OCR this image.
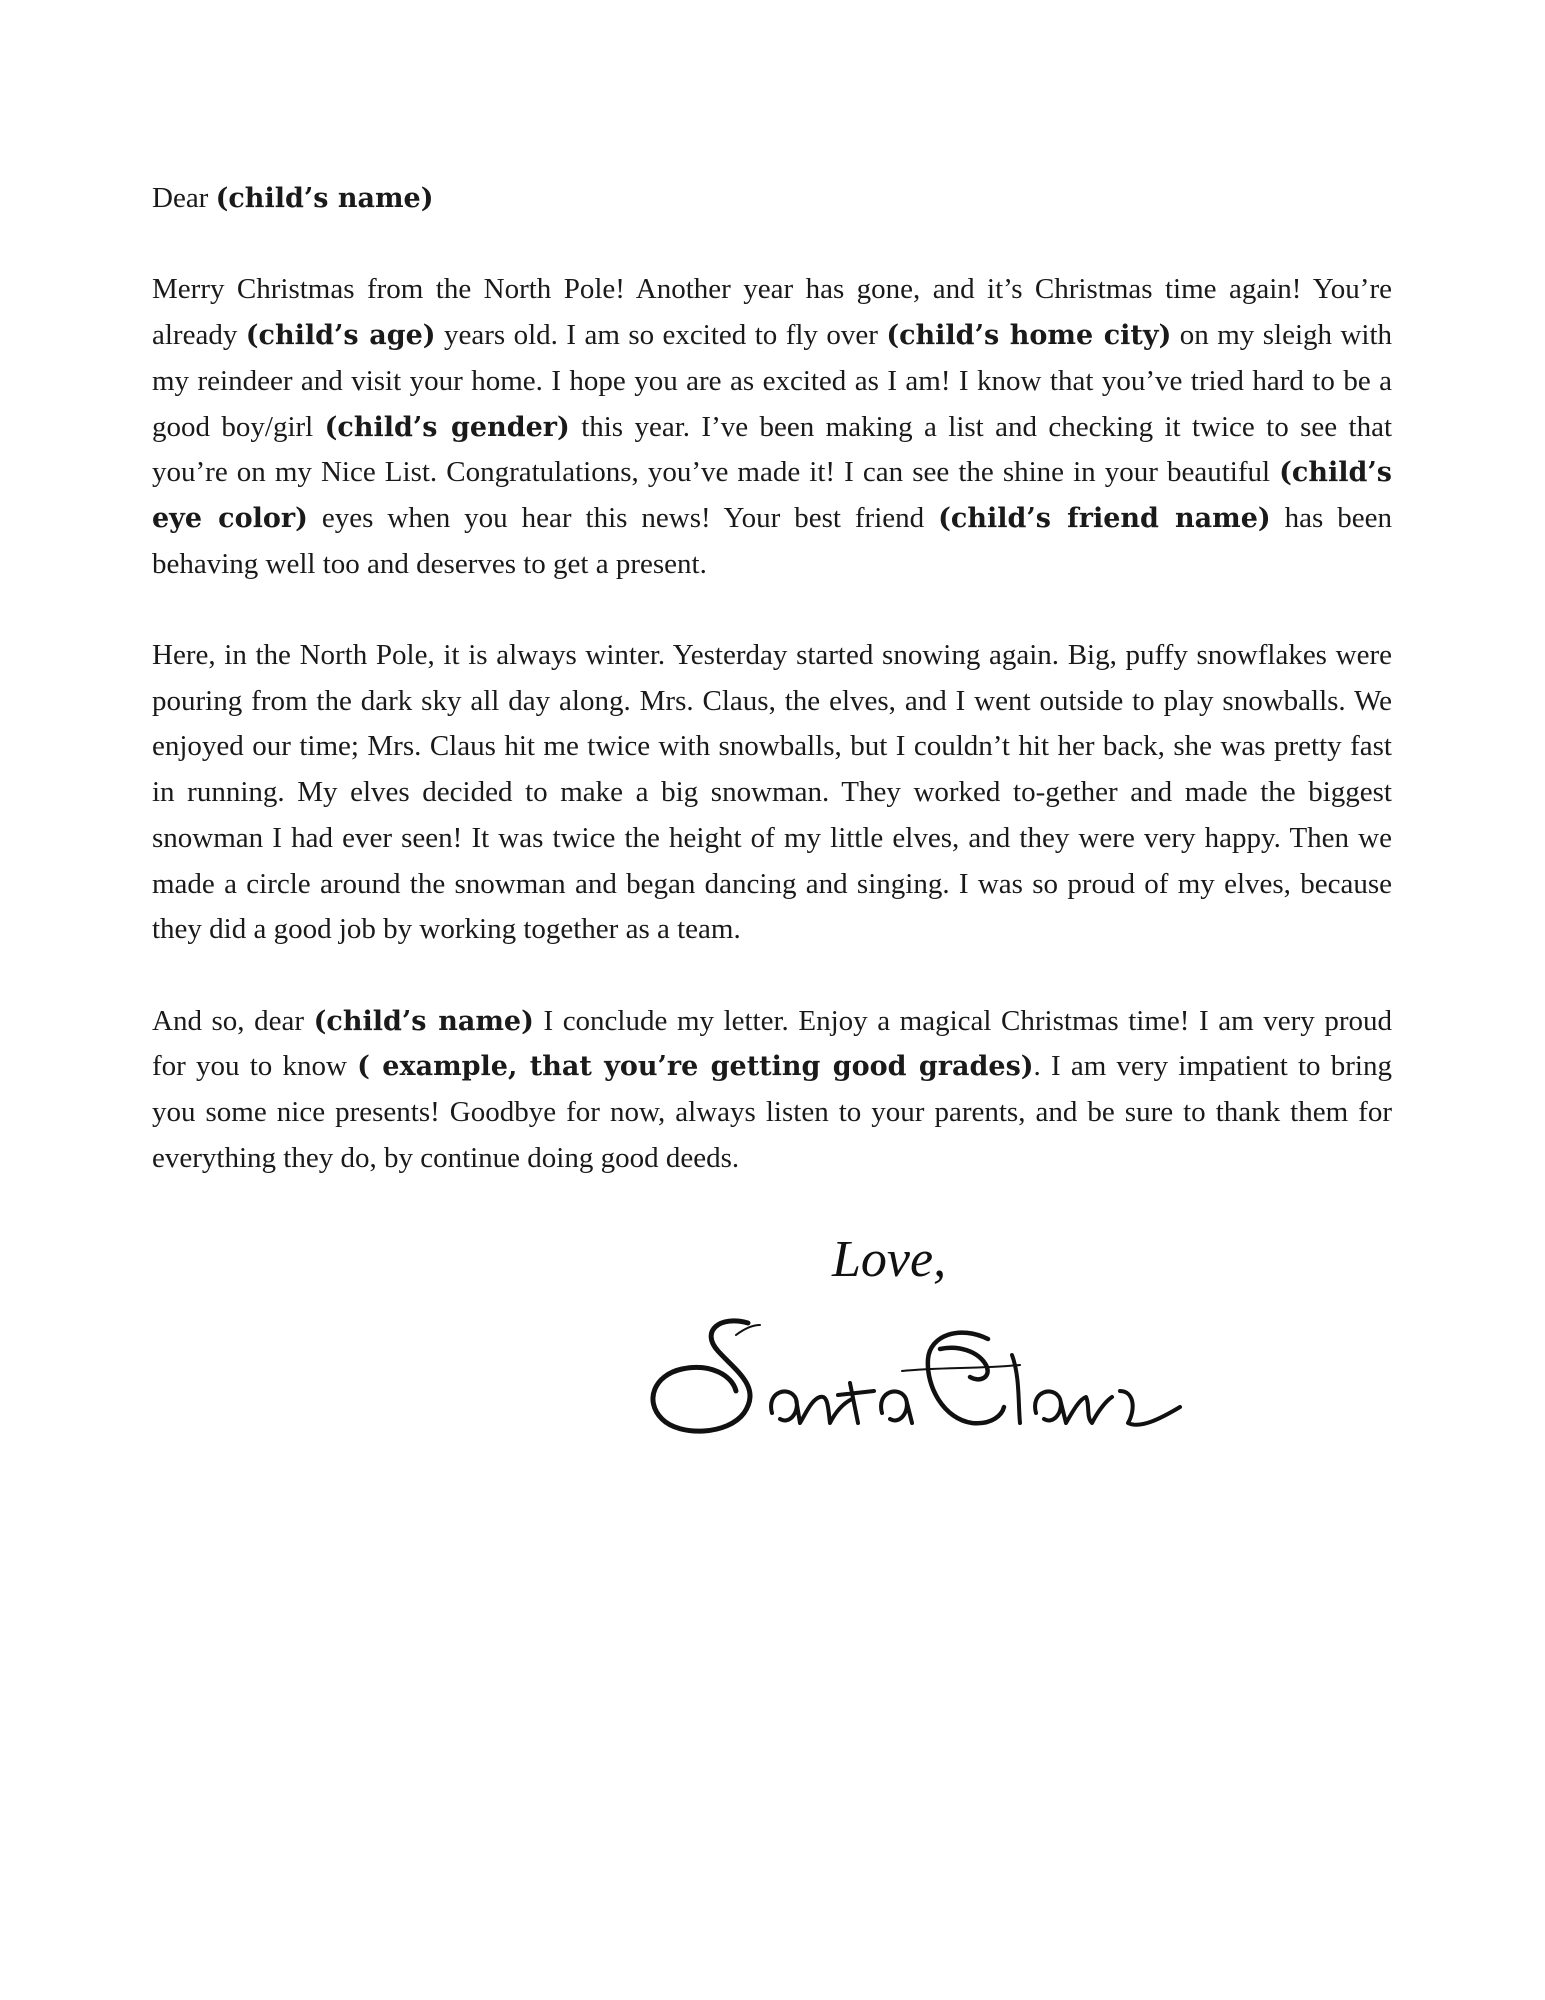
Dear (child’s name)

Merry Christmas from the North Pole! Another year has gone, and it’s Christmas time again! You’re already (child’s age) years old. I am so excited to fly over (child’s home city) on my sleigh with my reindeer and visit your home. I hope you are as excited as I am! I know that you’ve tried hard to be a good boy/girl (child’s gender) this year. I’ve been making a list and checking it twice to see that you’re on my Nice List. Congratulations, you’ve made it! I can see the shine in your beautiful (child’s eye color) eyes when you hear this news! Your best friend (child’s friend name) has been behaving well too and deserves to get a present.

Here, in the North Pole, it is always winter. Yesterday started snowing again. Big, puffy snowflakes were pouring from the dark sky all day along. Mrs. Claus, the elves, and I went outside to play snowballs. We enjoyed our time; Mrs. Claus hit me twice with snowballs, but I couldn’t hit her back, she was pretty fast in running. My elves decided to make a big snowman. They worked to-gether and made the biggest snowman I had ever seen! It was twice the height of my little elves, and they were very happy. Then we made a circle around the snowman and began dancing and singing. I was so proud of my elves, because they did a good job by working together as a team.

And so, dear (child’s name) I conclude my letter. Enjoy a magical Christmas time! I am very proud for you to know ( example, that you’re getting good grades). I am very impatient to bring you some nice presents! Goodbye for now, always listen to your parents, and be sure to thank them for everything they do, by continue doing good deeds.

Love,
